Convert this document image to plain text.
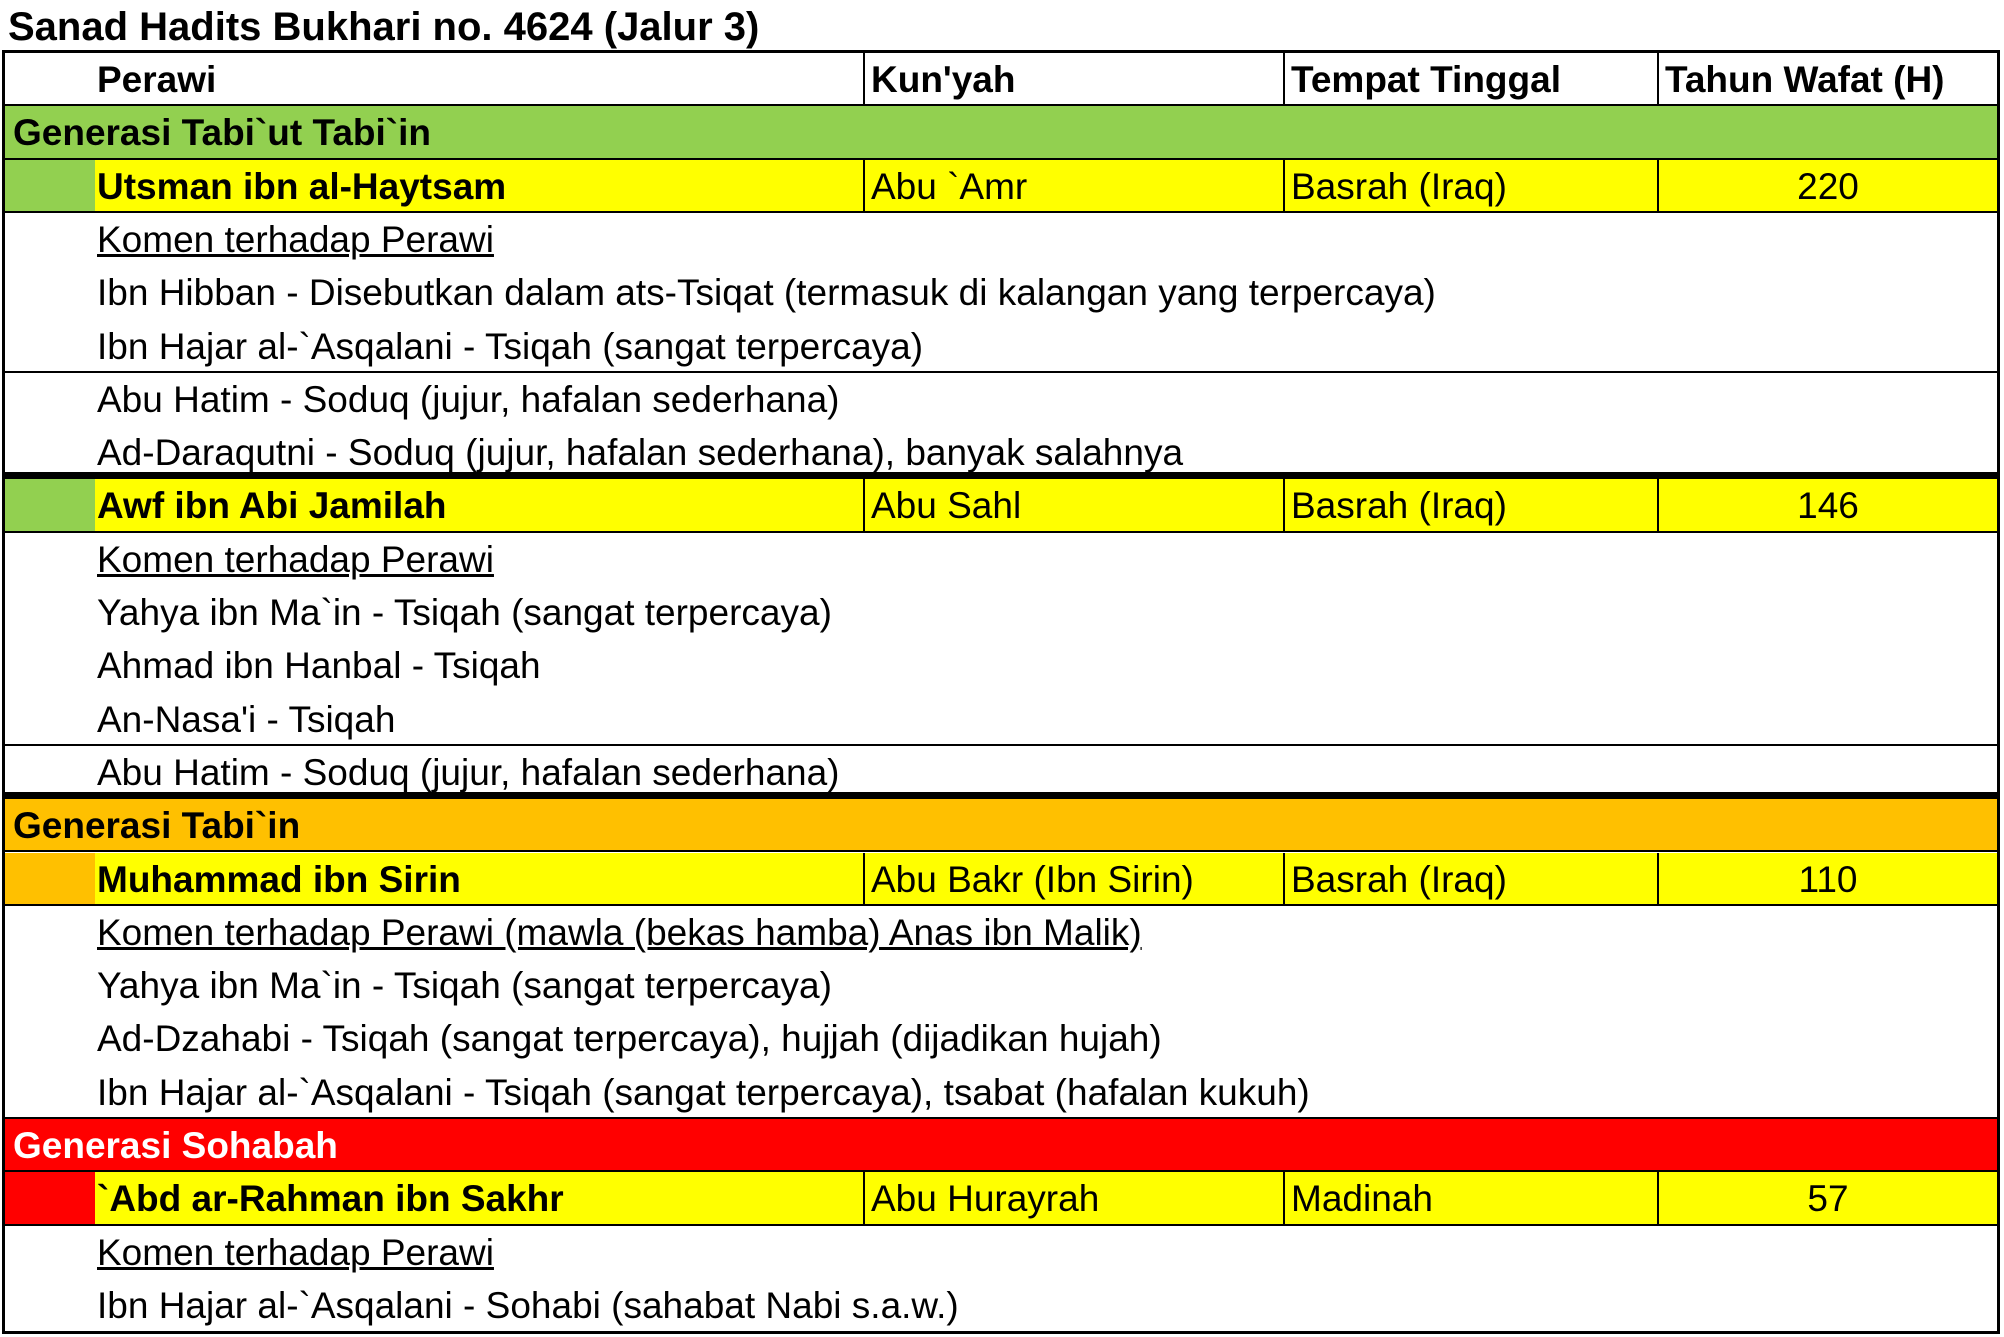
Sanad Hadits Bukhari no. 4624 (Jalur 3)
Perawi	Kun'yah	Tempat Tinggal	Tahun Wafat (H)
Generasi Tabi`ut Tabi`in
Utsman ibn al-Haytsam	Abu `Amr	Basrah (Iraq)	220
Komen terhadap Perawi
Ibn Hibban - Disebutkan dalam ats-Tsiqat (termasuk di kalangan yang terpercaya)
Ibn Hajar al-`Asqalani - Tsiqah (sangat terpercaya)
Abu Hatim - Soduq (jujur, hafalan sederhana)
Ad-Daraqutni - Soduq (jujur, hafalan sederhana), banyak salahnya
Awf ibn Abi Jamilah	Abu Sahl	Basrah (Iraq)	146
Komen terhadap Perawi
Yahya ibn Ma`in - Tsiqah (sangat terpercaya)
Ahmad ibn Hanbal - Tsiqah
An-Nasa'i - Tsiqah
Abu Hatim - Soduq (jujur, hafalan sederhana)
Generasi Tabi`in
Muhammad ibn Sirin	Abu Bakr (Ibn Sirin)	Basrah (Iraq)	110
Komen terhadap Perawi (mawla (bekas hamba) Anas ibn Malik)
Yahya ibn Ma`in - Tsiqah (sangat terpercaya)
Ad-Dzahabi - Tsiqah (sangat terpercaya), hujjah (dijadikan hujah)
Ibn Hajar al-`Asqalani - Tsiqah (sangat terpercaya), tsabat (hafalan kukuh)
Generasi Sohabah
`Abd ar-Rahman ibn Sakhr	Abu Hurayrah	Madinah	57
Komen terhadap Perawi
Ibn Hajar al-`Asqalani - Sohabi (sahabat Nabi s.a.w.)
